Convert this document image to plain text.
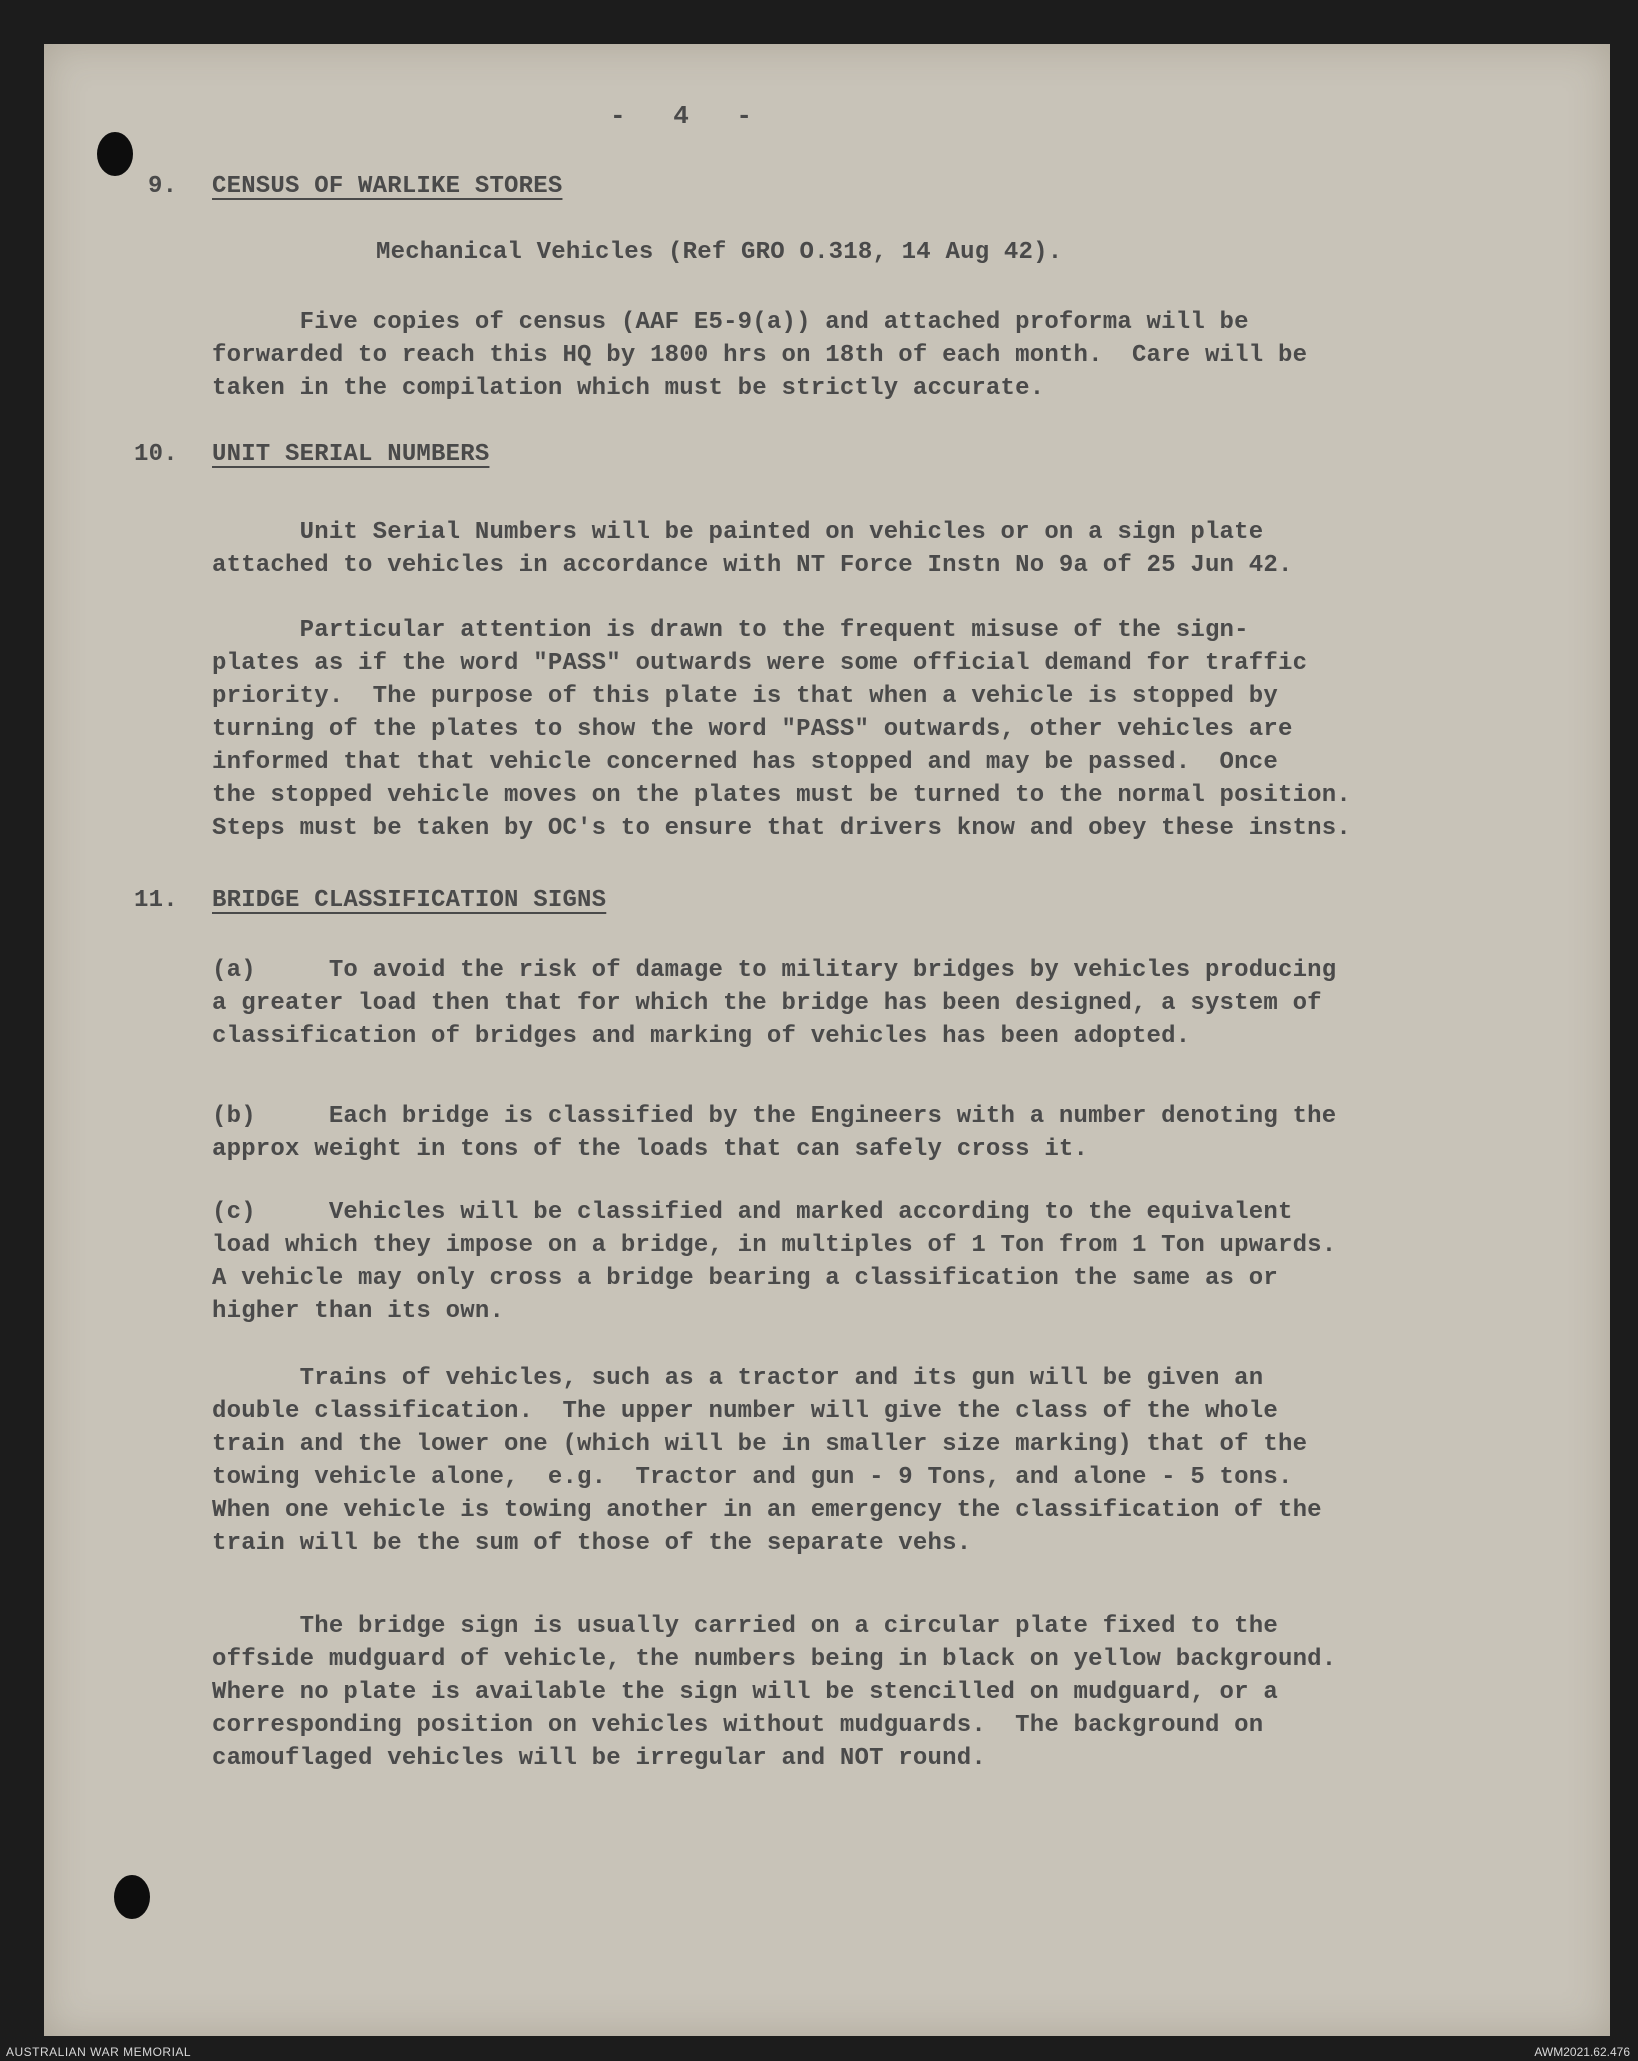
-   4   -
9. CENSUS OF WARLIKE STORES
Mechanical Vehicles (Ref GRO O.318, 14 Aug 42).
Five copies of census (AAF E5-9(a)) and attached proforma will be
forwarded to reach this HQ by 1800 hrs on 18th of each month.  Care will be
taken in the compilation which must be strictly accurate.
10. UNIT SERIAL NUMBERS
Unit Serial Numbers will be painted on vehicles or on a sign plate
attached to vehicles in accordance with NT Force Instn No 9a of 25 Jun 42.
Particular attention is drawn to the frequent misuse of the sign-
plates as if the word "PASS" outwards were some official demand for traffic
priority.  The purpose of this plate is that when a vehicle is stopped by
turning of the plates to show the word "PASS" outwards, other vehicles are
informed that that vehicle concerned has stopped and may be passed.  Once
the stopped vehicle moves on the plates must be turned to the normal position.
Steps must be taken by OC's to ensure that drivers know and obey these instns.
11. BRIDGE CLASSIFICATION SIGNS
(a)     To avoid the risk of damage to military bridges by vehicles producing
a greater load then that for which the bridge has been designed, a system of
classification of bridges and marking of vehicles has been adopted.
(b)     Each bridge is classified by the Engineers with a number denoting the
approx weight in tons of the loads that can safely cross it.
(c)     Vehicles will be classified and marked according to the equivalent
load which they impose on a bridge, in multiples of 1 Ton from 1 Ton upwards.
A vehicle may only cross a bridge bearing a classification the same as or
higher than its own.
Trains of vehicles, such as a tractor and its gun will be given an
double classification.  The upper number will give the class of the whole
train and the lower one (which will be in smaller size marking) that of the
towing vehicle alone,  e.g.  Tractor and gun - 9 Tons, and alone - 5 tons.
When one vehicle is towing another in an emergency the classification of the
train will be the sum of those of the separate vehs.
The bridge sign is usually carried on a circular plate fixed to the
offside mudguard of vehicle, the numbers being in black on yellow background.
Where no plate is available the sign will be stencilled on mudguard, or a
corresponding position on vehicles without mudguards.  The background on
camouflaged vehicles will be irregular and NOT round.
AUSTRALIAN WAR MEMORIAL	AWM2021.62.476
